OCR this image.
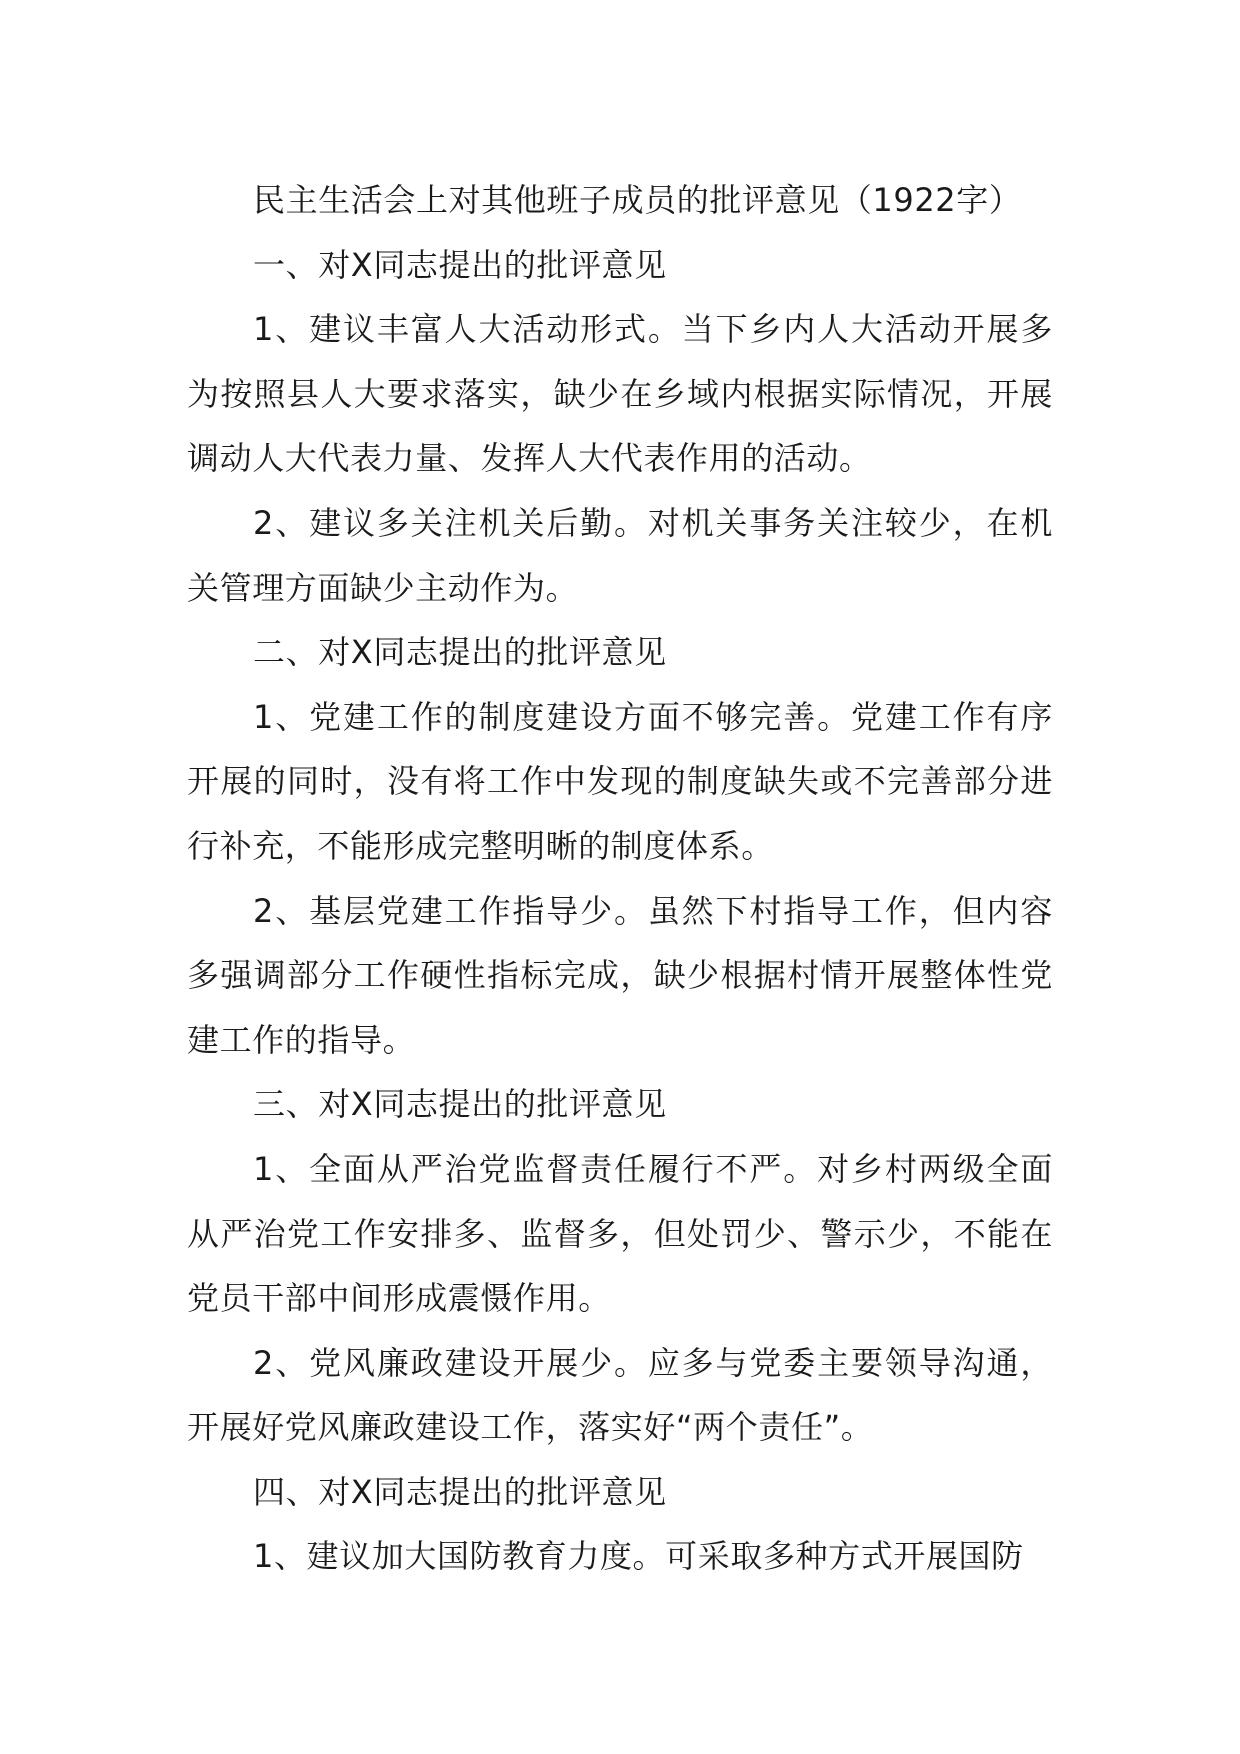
民主生活会上对其他班子成员的批评意见（1922字）

一、对X同志提出的批评意见

1、建议丰富人大活动形式。当下乡内人大活动开展多为按照县人大要求落实，缺少在乡域内根据实际情况，开展调动人大代表力量、发挥人大代表作用的活动。

2、建议多关注机关后勤。对机关事务关注较少，在机关管理方面缺少主动作为。

二、对X同志提出的批评意见

1、党建工作的制度建设方面不够完善。党建工作有序开展的同时，没有将工作中发现的制度缺失或不完善部分进行补充，不能形成完整明晰的制度体系。

2、基层党建工作指导少。虽然下村指导工作，但内容多强调部分工作硬性指标完成，缺少根据村情开展整体性党建工作的指导。

三、对X同志提出的批评意见

1、全面从严治党监督责任履行不严。对乡村两级全面从严治党工作安排多、监督多，但处罚少、警示少，不能在党员干部中间形成震慑作用。

2、党风廉政建设开展少。应多与党委主要领导沟通，开展好党风廉政建设工作，落实好“两个责任”。

四、对X同志提出的批评意见

1、建议加大国防教育力度。可采取多种方式开展国防
